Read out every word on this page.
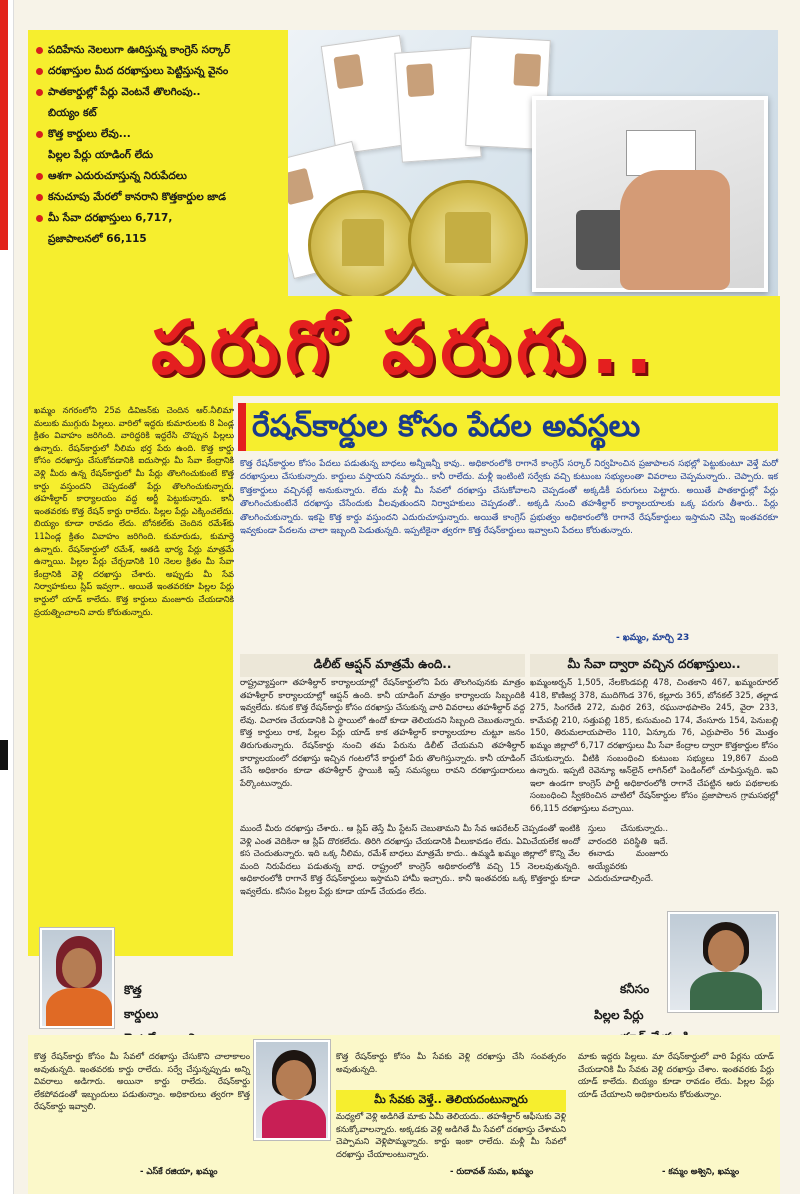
పదిహేను నెలలుగా ఊరిస్తున్న కాంగ్రెస్ సర్కార్
దరఖాస్తుల మీద దరఖాస్తులు పెట్టిస్తున్న వైనం
పాతకార్డుల్లో పేర్లు వెంటనే తొలగింపు..
బియ్యం కట్
కొత్త కార్డులు లేవు...
పిల్లల పేర్లు యాడింగ్ లేదు
ఆశగా ఎదురుచూస్తున్న నిరుపేదలు
కనుచూపు మేరలో కానరాని కొత్తకార్డుల జాడ
మీ సేవా దరఖాస్తులు 6,717,
ప్రజాపాలనలో 66,115
పరుగో పరుగు..
రేషన్‌కార్డుల కోసం పేదల అవస్థలు

ఖమ్మం నగరంలోని 25వ డివిజన్‌కు చెందిన ఆర్.నీలిమా మలుకు ముగ్గురు పిల్లలు. వారిలో ఇద్దరు కుమారులకు 8 ఏండ్ల క్రితం వివాహం జరిగింది. వారిద్దరికి ఇద్దరేసి చొప్పున పిల్లలు ఉన్నారు. రేషన్‌కార్డులో నీలిమ భర్త పేరు ఉంది. కొత్త కార్డు కోసం దరఖాస్తు చేసుకోవడానికి ఐదుసార్లు మీ సేవా కేంద్రానికి వెళ్లి మీరు ఉన్న రేషన్‌కార్డులో మీ పేర్లు తొలగించుకుంటే కొత్త కార్డు వస్తుందని చెప్పడంతో పేర్లు తొలగించుకున్నారు. తహశీల్దార్ కార్యాలయం వద్ద అర్జీ పెట్టుకున్నారు. కానీ ఇంతవరకు కొత్త రేషన్ కార్డు రాలేదు. పిల్లల పేర్లు ఎక్కించలేదు. బియ్యం కూడా రావడం లేదు. బోనకల్‌కు చెందిన రమేశ్‌కు 11ఏండ్ల క్రితం వివాహం జరిగింది. కుమారుడు, కుమార్తె ఉన్నారు. రేషన్‌కార్డులో రమేశ్, ఆతడి భార్య పేర్లు మాత్రమే ఉన్నాయి. పిల్లల పేర్లు చేర్చడానికి 10 నెలల క్రితం మీ సేవా కేంద్రానికి వెళ్లి దరఖాస్తు చేశారు. అప్పుడు మీ సేవ నిర్వాహకులు స్లిప్ ఇవ్వగా.. అయితే ఇంతవరకూ పిల్లల పేర్లు కార్డులో యాడ్ కాలేదు. కొత్త కార్డులు మంజూరు చేయడానికి ప్రయత్నించాలని వారు కోరుతున్నారు.

కొత్త రేషన్‌కార్డుల కోసం పేదలు పడుతున్న బాధలు అన్నీఇన్నీ కావు.. అధికారంలోకి రాగానే కాంగ్రెస్ సర్కార్ నిర్వహించిన ప్రజాపాలన సభల్లో పెట్టుకుంటూ వెళ్తే మరో దరఖాస్తులు చేసుకున్నారు. కార్డులు వస్తాయని నమ్మారు.. కానీ రాలేదు. మళ్లీ ఇంటింటి సర్వేకు వచ్చి కుటుంబ సభ్యులంతా వివరాలు చెప్పమన్నారు.. చెప్పారు. ఇక కొత్తకార్డులు వచ్చినట్లే అనుకున్నారు. లేదు మళ్లీ మీ సేవలో దరఖాస్తు చేసుకోవాలని చెప్పడంతో అక్కడికీ పరుగులు పెట్టారు. అయితే పాతకార్డుల్లో పేర్లు తొలగించుకుంటేనే దరఖాస్తు చేసేందుకు వీలవుతుందని నిర్వాహకులు చెప్పడంతో.. అక్కడి నుంచి తహశీల్దార్ కార్యాలయాలకు ఒక్క పరుగు తీశారు.. పేర్లు తొలగించుకున్నారు. ఇకపై కొత్త కార్డు వస్తుందని ఎదురుచూస్తున్నారు. అయితే కాంగ్రెస్ ప్రభుత్వం అధికారంలోకి రాగానే రేషన్‌కార్డులు ఇస్తామని చెప్పి ఇంతవరకూ ఇవ్వకుండా పేదలను చాలా ఇబ్బంది పెడుతున్నది. ఇప్పటికైనా త్వరగా కొత్త రేషన్‌కార్డులు ఇవ్వాలని పేదలు కోరుతున్నారు.

- ఖమ్మం, మార్చి 23
డిలీట్ ఆప్షన్ మాత్రమే ఉంది..	మీ సేవా ద్వారా వచ్చిన దరఖాస్తులు..

రాష్ట్రవ్యాప్తంగా తహశీల్దార్ కార్యాలయాల్లో రేషన్‌కార్డులోని పేరు తొలగింపునకు మాత్రం తహశీల్దార్ కార్యాలయాల్లో ఆప్షన్ ఉంది. కానీ యాడింగ్ మాత్రం కార్యాలయ సిబ్బందికి ఇవ్వలేదు. కనుక కొత్త రేషన్‌కార్డు కోసం దరఖాస్తు చేసుకున్న వారి వివరాలు తహశీల్దార్ వద్ద లేవు. విచారణ చేయడానికి ఏ స్థాయిలో ఉందో కూడా తెలియదని సిబ్బంది చెబుతున్నారు. కొత్త కార్డులు రాక, పిల్లల పేర్లు యాడ్ కాక తహశీల్దార్ కార్యాలయాల చుట్టూ జనం తిరుగుతున్నారు. రేషన్‌కార్డు నుంచి తమ పేరును డిలీట్ చేయమని తహశీల్దార్ కార్యాలయంలో దరఖాస్తు ఇచ్చిన గంటలోనే కార్డులో పేరు తొలగిస్తున్నారు. కానీ యాడింగ్ చేసే అధికారం కూడా తహశీల్దార్ స్థాయికి ఇస్తే సమస్యలు రావని దరఖాస్తుదారులు పేర్కొంటున్నారు.

ఖమ్మంఅర్బన్ 1,505, నేలకొండపల్లి 478, చింతకాని 467, ఖమ్మంరూరల్ 418, కొణిజర్ల 378, ముదిగొండ 376, కల్లూరు 365, బోనకల్ 325, తల్లాడ 275, సింగరేణి 272, మధిర 263, రఘునాథపాలెం 245, వైరా 233, కామేపల్లి 210, సత్తుపల్లి 185, కుసుమంచి 174, వేంసూరు 154, పెనుబల్లి 150, తిరుమలాయపాలెం 110, ఏన్కూరు 76, ఎర్రుపాలెం 56 మొత్తం ఖమ్మం జిల్లాలో 6,717 దరఖాస్తులు మీ సేవా కేంద్రాల ద్వారా కొత్తకార్డుల కోసం చేసుకున్నారు. వీటికి సంబంధించి కుటుంబ సభ్యులు 19,867 మంది ఉన్నారు. ఇప్పటి రెవెన్యూ ఆన్‌లైన్ లాగిన్‌లో పెండింగ్‌లో చూపిస్తున్నది. ఇవి ఇలా ఉండగా కాంగ్రెస్ పార్టీ అధికారంలోకి రాగానే చేపట్టిన ఆరు పథకాలకు సంబంధించి స్వీకరించిన వాటిలో రేషన్‌కార్డుల కోసం ప్రజాపాలన గ్రామసభల్లో 66,115 దరఖాస్తులు వచ్చాయి.

ముందే మీరు దరఖాస్తు చేశారు.. ఆ స్లిప్ తెస్తే మీ స్టేటస్ చెబుతామని మీ సేవ ఆపరేటర్ చెప్పడంతో ఇంటికి వెళ్లి ఎంత వెదికినా ఆ స్లిప్ దొరకలేదు. తిరిగి దరఖాస్తు చేయడానికి వీలుకావడం లేదు. ఏమిచేయలేక అందో కస చెందుతున్నారు. ఇది ఒక్క నీలిమ, రమేశ్ బాధలు మాత్రమే కాదు.. ఉమ్మడి ఖమ్మం జిల్లాలో కొన్ని వేల మంది నిరుపేదలు పడుతున్న బాధ. రాష్ట్రంలో కాంగ్రెస్ అధికారంలోకి వచ్చి 15 నెలలవుతున్నది. అధికారంలోకి రాగానే కొత్త రేషన్‌కార్డులు ఇస్తామని హామీ ఇచ్చారు.. కానీ ఇంతవరకు ఒక్క కొత్తకార్డు కూడా ఇవ్వలేదు. కనీసం పిల్లల పేర్లు కూడా యాడ్ చేయడం లేదు.

స్తులు చేసుకున్నారు.. వారందరి పరిస్థితి ఇదే. ఈనాడు మంజూరు అయ్యేవరకు ఎదురుచూడాల్సిందే.

కనీసం
పిల్లల పేర్లు
కొత్త
కార్డులు

కొత్త రేషన్‌కార్డు కోసం మీ సేవలో దరఖాస్తు చేసుకొని చాలాకాలం అవుతున్నది. ఇంతవరకు కార్డు రాలేదు. సర్వే చేస్తున్నప్పుడు అన్ని వివరాలు అడిగారు. అయినా కార్డు రాలేదు. రేషన్‌కార్డు లేకపోవడంతో ఇబ్బందులు పడుతున్నాం. అధికారులు త్వరగా కొత్త రేషన్‌కార్డు ఇవ్వాలి.

- ఎస్‌కే రజియా, ఖమ్మం

కొత్త రేషన్‌కార్డు కోసం మీ సేవకు వెళ్లి దరఖాస్తు చేసి సంవత్సరం అవుతున్నది.

మీ సేవకు వెళ్తే.. తెలియదంటున్నారు

మధ్యలో వెళ్లి అడిగితే మాకు ఏమీ తెలియదు.. తహశీల్దార్ ఆఫీసుకు వెళ్లి కనుక్కోవాలన్నారు. అక్కడకు వెళ్లి అడిగితే మీ సేవలో దరఖాస్తు చేశామని చెప్పామని వెళ్లిపొమ్మన్నారు. కార్డు ఇంకా రాలేదు. మళ్లీ మీ సేవలో దరఖాస్తు చేయాలంటున్నారు.

- రుదావత్ సుమ, ఖమ్మం

మాకు ఇద్దరు పిల్లలు. మా రేషన్‌కార్డులో వారి పేర్లను యాడ్ చేయడానికి మీ సేవకు వెళ్లి దరఖాస్తు చేశాం. ఇంతవరకు పేర్లు యాడ్ కాలేదు. బియ్యం కూడా రావడం లేదు. పిల్లల పేర్లు యాడ్ చేయాలని అధికారులను కోరుతున్నాం.

- కమ్మం అశ్విని, ఖమ్మం
